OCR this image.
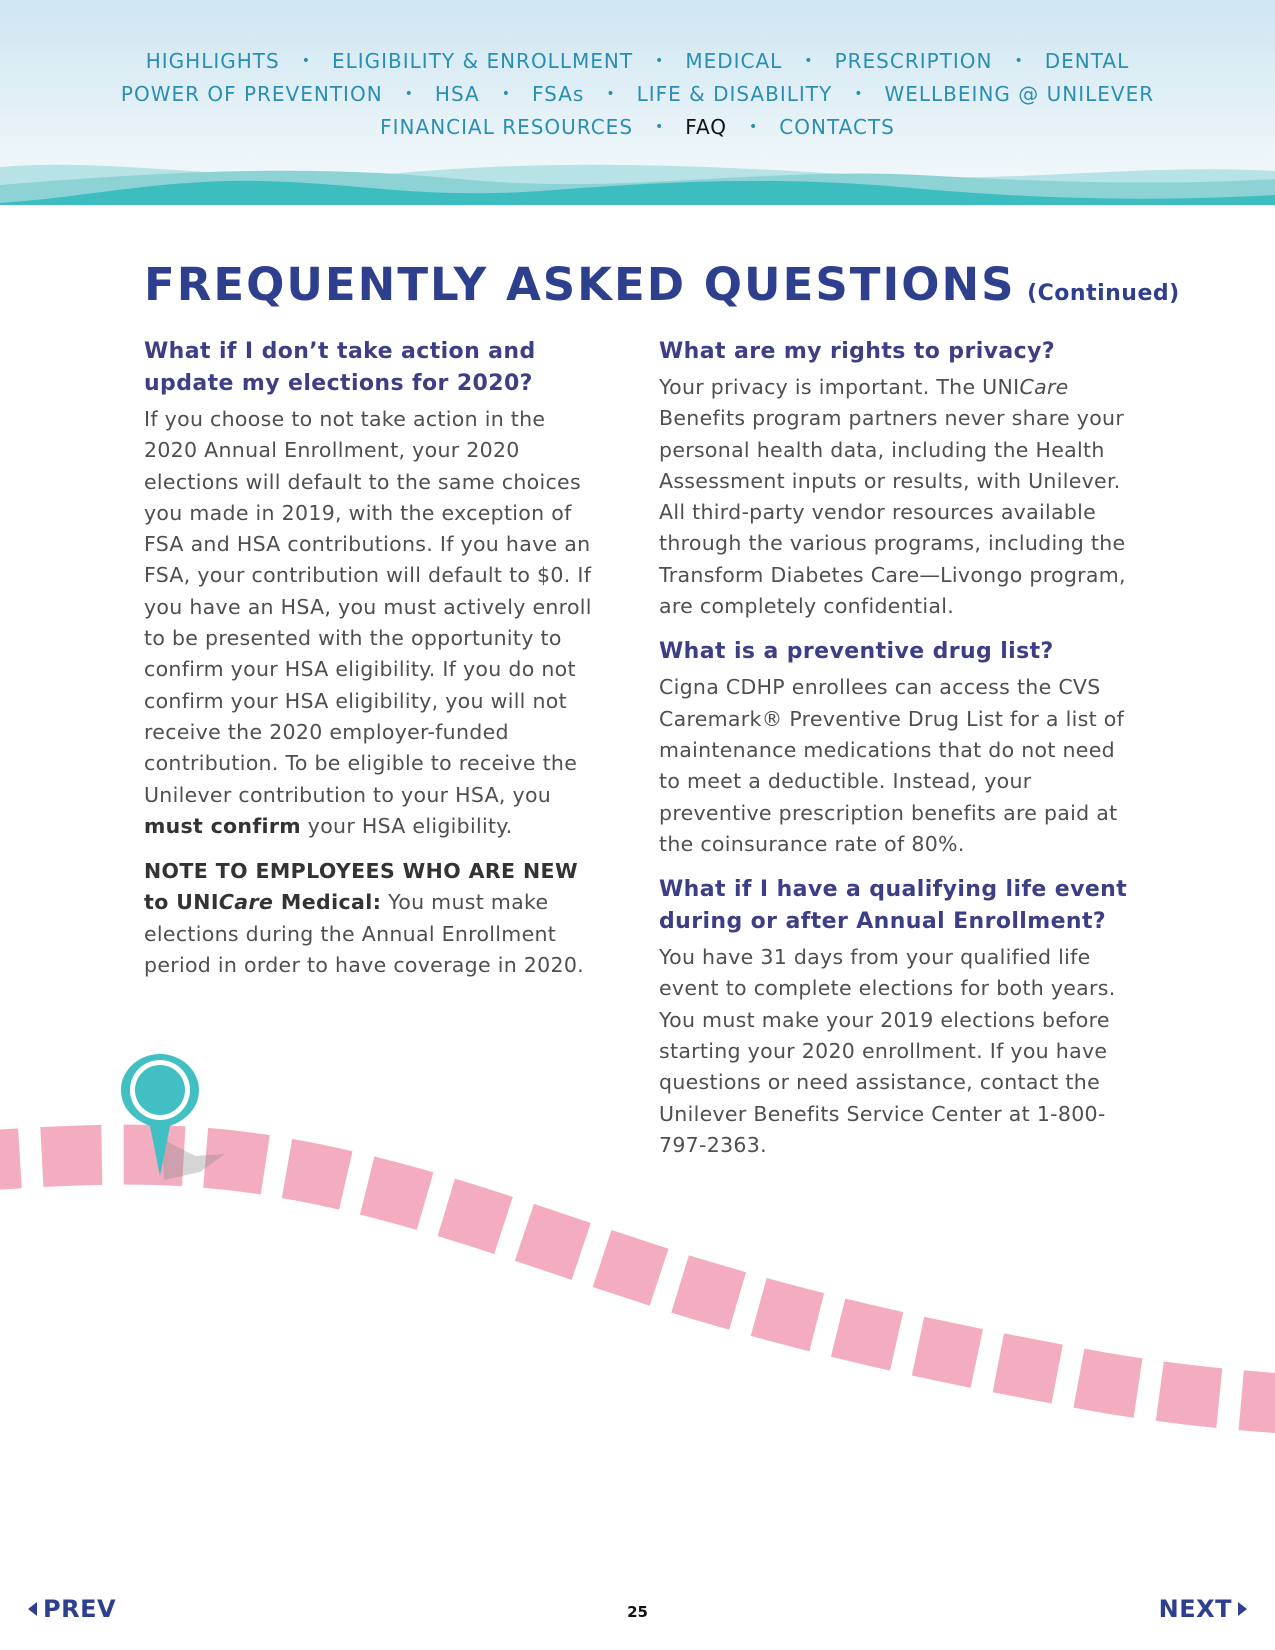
HIGHLIGHTS • ELIGIBILITY & ENROLLMENT • MEDICAL • PRESCRIPTION • DENTAL
POWER OF PREVENTION • HSA • FSAs • LIFE & DISABILITY • WELLBEING @ UNILEVER
FINANCIAL RESOURCES • FAQ • CONTACTS
FREQUENTLY ASKED QUESTIONS (Continued)
What if I don’t take action and update my elections for 2020?
If you choose to not take action in the 2020 Annual Enrollment, your 2020 elections will default to the same choices you made in 2019, with the exception of FSA and HSA contributions. If you have an FSA, your contribution will default to $0. If you have an HSA, you must actively enroll to be presented with the opportunity to confirm your HSA eligibility. If you do not confirm your HSA eligibility, you will not receive the 2020 employer-funded contribution. To be eligible to receive the Unilever contribution to your HSA, you must confirm your HSA eligibility.
NOTE TO EMPLOYEES WHO ARE NEW to UNICare Medical: You must make elections during the Annual Enrollment period in order to have coverage in 2020.
What are my rights to privacy?
Your privacy is important. The UNICare Benefits program partners never share your personal health data, including the Health Assessment inputs or results, with Unilever. All third-party vendor resources available through the various programs, including the Transform Diabetes Care—Livongo program, are completely confidential.
What is a preventive drug list?
Cigna CDHP enrollees can access the CVS Caremark® Preventive Drug List for a list of maintenance medications that do not need to meet a deductible. Instead, your preventive prescription benefits are paid at the coinsurance rate of 80%.
What if I have a qualifying life event during or after Annual Enrollment?
You have 31 days from your qualified life event to complete elections for both years. You must make your 2019 elections before starting your 2020 enrollment. If you have questions or need assistance, contact the Unilever Benefits Service Center at 1-800-797-2363.
PREV	25	NEXT
